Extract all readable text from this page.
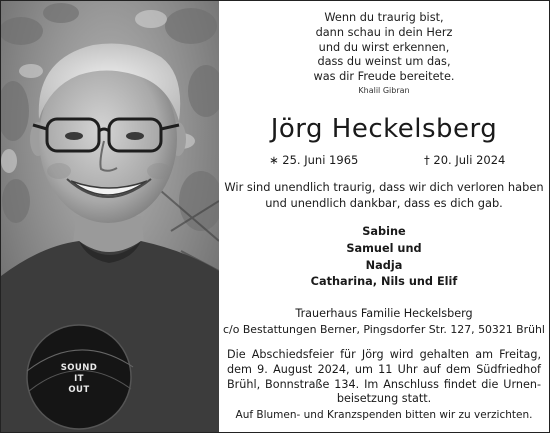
SOUND
IT
OUT
Wenn du traurig bist,
dann schau in dein Herz
und du wirst erkennen,
dass du weinst um das,
was dir Freude bereitete.
Khalil Gibran
Jörg Heckelsberg
∗ 25. Juni 1965	† 20. Juli 2024
Wir sind unendlich traurig, dass wir dich verloren haben
und unendlich dankbar, dass es dich gab.
Sabine
Samuel und
Nadja
Catharina, Nils und Elif
Trauerhaus Familie Heckelsberg
c/o Bestattungen Berner, Pingsdorfer Str. 127, 50321 Brühl
Die Abschiedsfeier für Jörg wird gehalten am Freitag,
dem 9. August 2024, um 11 Uhr auf dem Südfriedhof
Brühl, Bonnstraße 134. Im Anschluss findet die Urnen-
beisetzung statt.
Auf Blumen- und Kranzspenden bitten wir zu verzichten.
